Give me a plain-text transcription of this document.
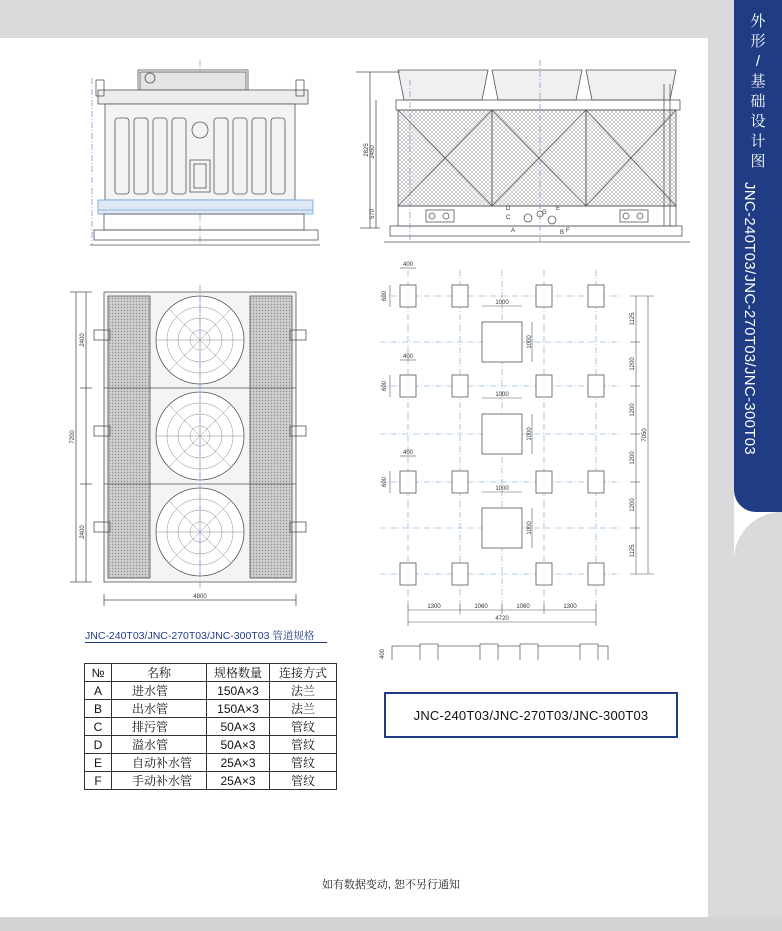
外
形
/
基
础
设
计
图
JNC-240T03/JNC-270T03/JNC-300T03
2825 2450
570
A	B
C
D	E
F
G
2400
7200
2400
4800
400
600
1000
1000
400
600
1000
1000
400
600
1000
1000
1125
1200
1200
1200
1200
1125
7050
1300	1060	1060	1300
4720
400
JNC-240T03/JNC-270T03/JNC-300T03 管道规格
№	名称	规格数量	连接方式
A	进水管	150A×3	法兰
B	出水管	150A×3	法兰
C	排污管	50A×3	管纹
D	溢水管	50A×3	管纹
E	自动补水管	25A×3	管纹
F	手动补水管	25A×3	管纹
JNC-240T03/JNC-270T03/JNC-300T03
如有数据变动, 恕不另行通知
